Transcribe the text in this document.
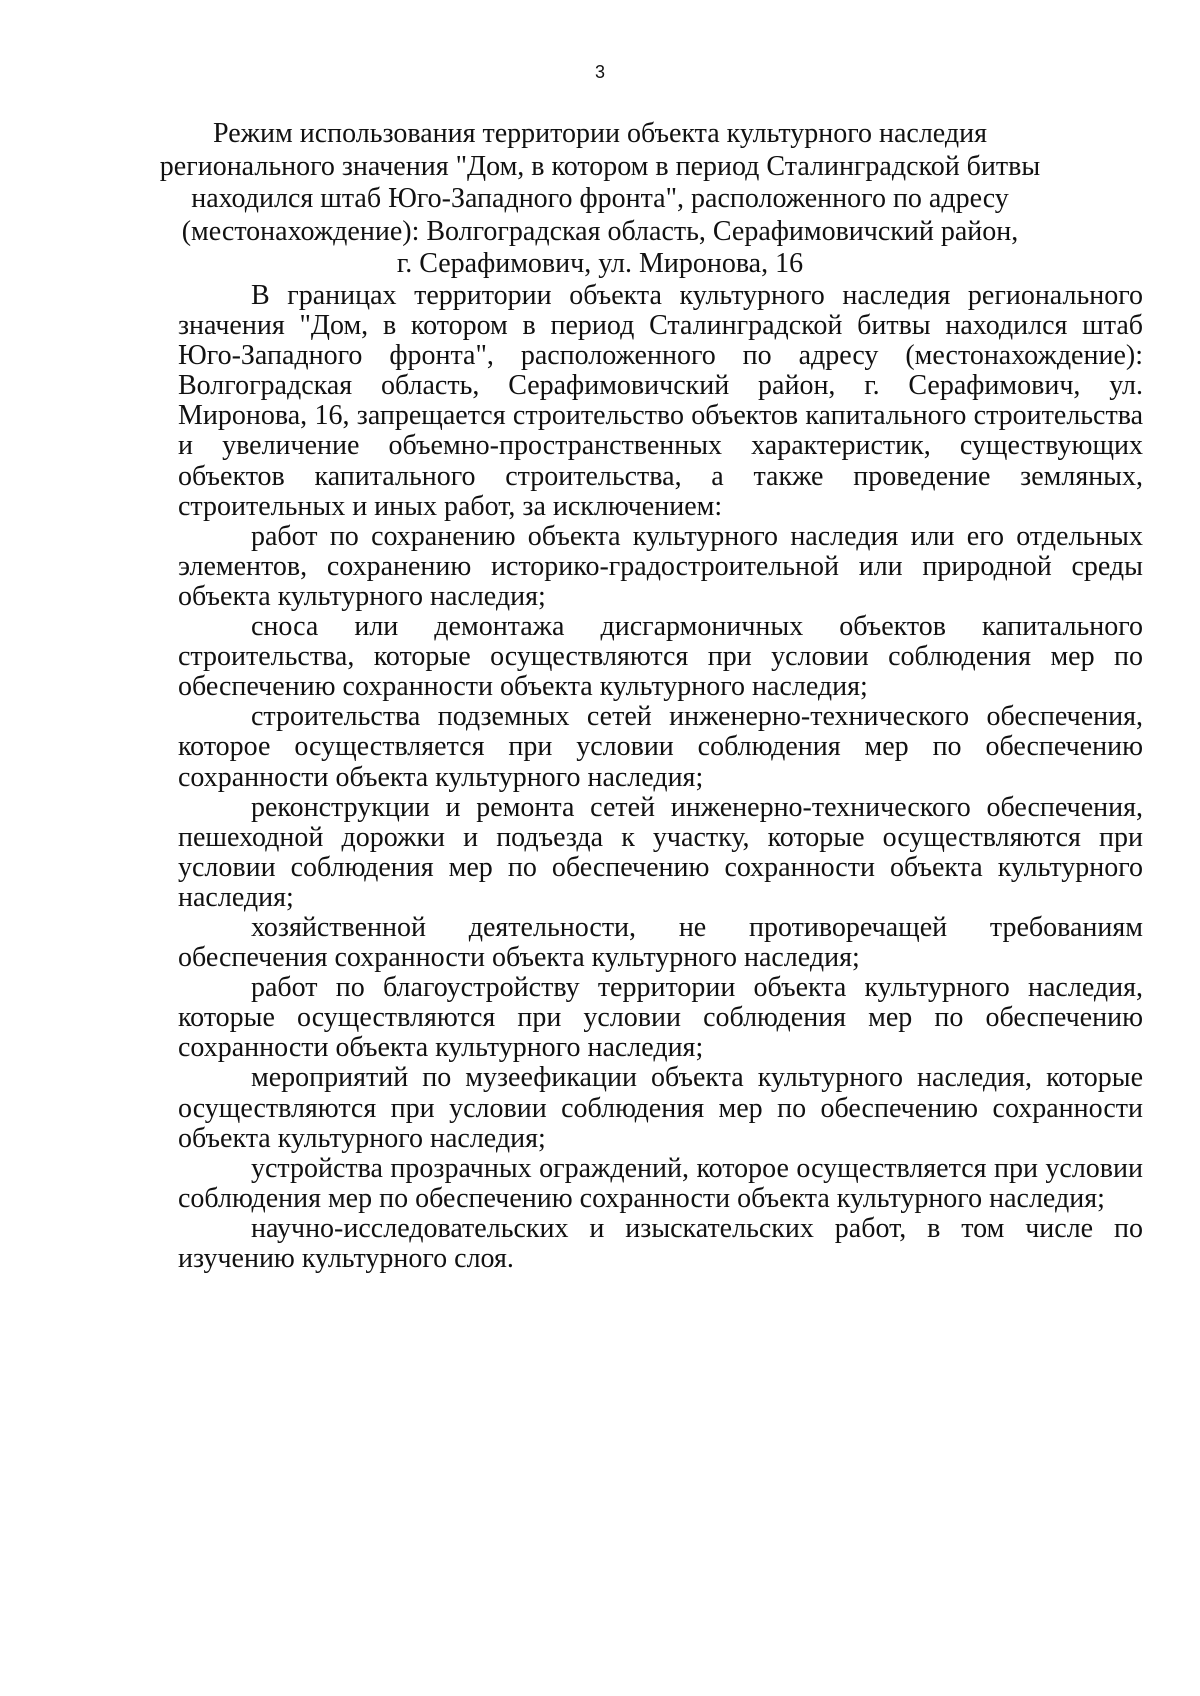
3
Режим использования территории объекта культурного наследия
регионального значения "Дом, в котором в период Сталинградской битвы
находился штаб Юго-Западного фронта", расположенного по адресу
(местонахождение): Волгоградская область, Серафимовичский район,
г. Серафимович, ул. Миронова, 16

В границах территории объекта культурного наследия регионального значения "Дом, в котором в период Сталинградской битвы находился штаб Юго-Западного фронта", расположенного по адресу (местонахождение): Волгоградская область, Серафимовичский район, г. Серафимович, ул. Миронова, 16, запрещается строительство объектов капитального строительства и увеличение объемно-пространственных характеристик, существующих объектов капитального строительства, а также проведение земляных, строительных и иных работ, за исключением:

работ по сохранению объекта культурного наследия или его отдельных элементов, сохранению историко-градостроительной или природной среды объекта культурного наследия;

сноса или демонтажа дисгармоничных объектов капитального строительства, которые осуществляются при условии соблюдения мер по обеспечению сохранности объекта культурного наследия;

строительства подземных сетей инженерно-технического обеспечения, которое осуществляется при условии соблюдения мер по обеспечению сохранности объекта культурного наследия;

реконструкции и ремонта сетей инженерно-технического обеспечения, пешеходной дорожки и подъезда к участку, которые осуществляются при условии соблюдения мер по обеспечению сохранности объекта культурного наследия;

хозяйственной деятельности, не противоречащей требованиям обеспечения сохранности объекта культурного наследия;

работ по благоустройству территории объекта культурного наследия, которые осуществляются при условии соблюдения мер по обеспечению сохранности объекта культурного наследия;

мероприятий по музеефикации объекта культурного наследия, которые осуществляются при условии соблюдения мер по обеспечению сохранности объекта культурного наследия;

устройства прозрачных ограждений, которое осуществляется при условии соблюдения мер по обеспечению сохранности объекта культурного наследия;

научно-исследовательских и изыскательских работ, в том числе по изучению культурного слоя.
